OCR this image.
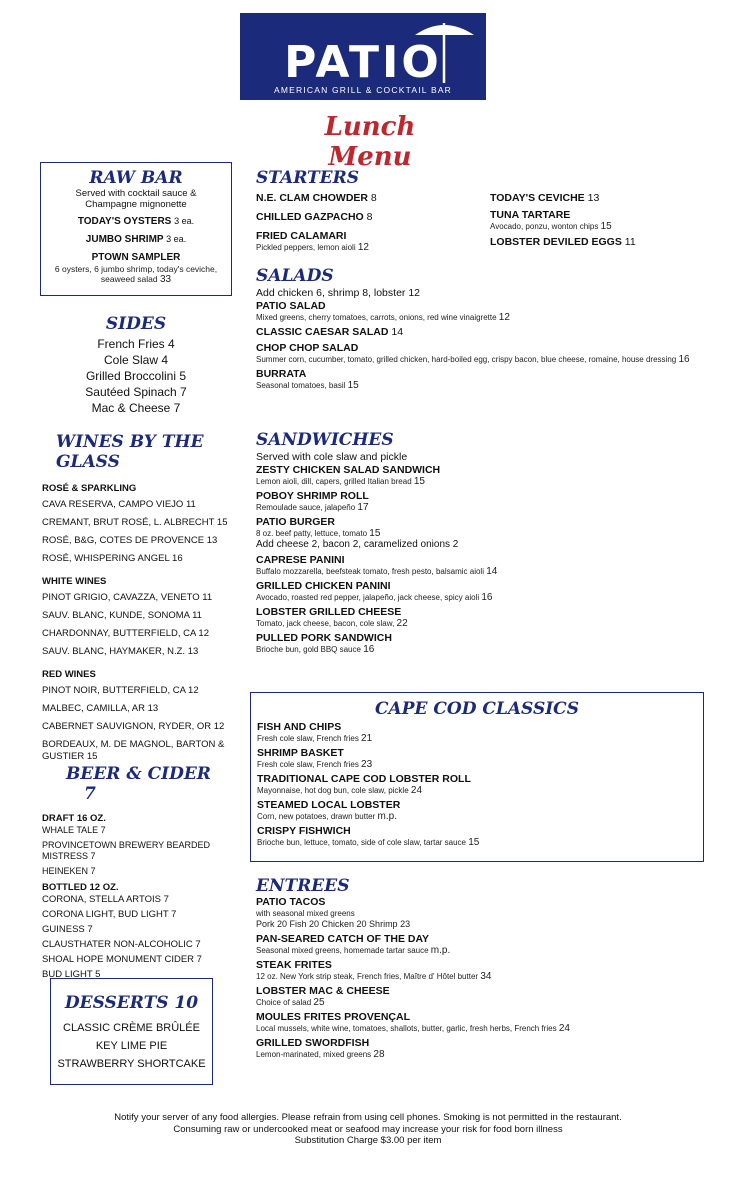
PATIO
AMERICAN GRILL & COCKTAIL BAR
Lunch Menu
RAW BAR
Served with cocktail sauce & Champagne mignonette
TODAY'S OYSTERS 3 ea.
JUMBO SHRIMP 3 ea.
PTOWN SAMPLER
6 oysters, 6 jumbo shrimp, today's ceviche, seaweed salad 33
SIDES
French Fries 4
Cole Slaw 4
Grilled Broccolini 5
Sautéed Spinach 7
Mac & Cheese 7
WINES BY THE GLASS
ROSÉ & SPARKLING
CAVA RESERVA, CAMPO VIEJO 11
CREMANT, BRUT ROSÉ, L. ALBRECHT 15
ROSÉ, B&G, COTES DE PROVENCE 13
ROSÉ, WHISPERING ANGEL 16
WHITE WINES
PINOT GRIGIO, CAVAZZA, VENETO 11
SAUV. BLANC, KUNDE, SONOMA 11
CHARDONNAY, BUTTERFIELD, CA 12
SAUV. BLANC, HAYMAKER, N.Z. 13
RED WINES
PINOT NOIR, BUTTERFIELD, CA 12
MALBEC, CAMILLA, AR 13
CABERNET SAUVIGNON, RYDER, OR 12
BORDEAUX, M. DE MAGNOL, BARTON & GUSTIER 15
BEER & CIDER 7
DRAFT 16 OZ.
WHALE TALE 7
PROVINCETOWN BREWERY BEARDED MISTRESS 7
HEINEKEN 7
BOTTLED 12 OZ.
CORONA, STELLA ARTOIS 7
CORONA LIGHT, BUD LIGHT 7
GUINESS 7
CLAUSTHATER NON-ALCOHOLIC 7
SHOAL HOPE MONUMENT CIDER 7
BUD LIGHT 5
DESSERTS 10
CLASSIC CRÈME BRÛLÉE
KEY LIME PIE
STRAWBERRY SHORTCAKE
STARTERS
N.E. CLAM CHOWDER 8
CHILLED GAZPACHO 8
FRIED CALAMARI
Pickled peppers, lemon aioli 12
TODAY'S CEVICHE 13
TUNA TARTARE
Avocado, ponzu, wonton chips 15
LOBSTER DEVILED EGGS 11
SALADS
Add chicken 6, shrimp 8, lobster 12
PATIO SALAD
Mixed greens, cherry tomatoes, carrots, onions, red wine vinaigrette 12
CLASSIC CAESAR SALAD 14
CHOP CHOP SALAD
Summer corn, cucumber, tomato, grilled chicken, hard-boiled egg, crispy bacon, blue cheese, romaine, house dressing 16
BURRATA
Seasonal tomatoes, basil 15
SANDWICHES
Served with cole slaw and pickle
ZESTY CHICKEN SALAD SANDWICH
Lemon aioli, dill, capers, grilled Italian bread 15
POBOY SHRIMP ROLL
Remoulade sauce, jalapeño 17
PATIO BURGER
8 oz. beef patty, lettuce, tomato 15
Add cheese 2, bacon 2, caramelized onions 2
CAPRESE PANINI
Buffalo mozzarella, beefsteak tomato, fresh pesto, balsamic aioli 14
GRILLED CHICKEN PANINI
Avocado, roasted red pepper, jalapeño, jack cheese, spicy aioli 16
LOBSTER GRILLED CHEESE
Tomato, jack cheese, bacon, cole slaw, 22
PULLED PORK SANDWICH
Brioche bun, gold BBQ sauce 16
CAPE COD CLASSICS
FISH AND CHIPS
Fresh cole slaw, French fries 21
SHRIMP BASKET
Fresh cole slaw, French fries 23
TRADITIONAL CAPE COD LOBSTER ROLL
Mayonnaise, hot dog bun, cole slaw, pickle 24
STEAMED LOCAL LOBSTER
Corn, new potatoes, drawn butter m.p.
CRISPY FISHWICH
Brioche bun, lettuce, tomato, side of cole slaw, tartar sauce 15
ENTREES
PATIO TACOS
with seasonal mixed greens
Pork 20 Fish 20 Chicken 20 Shrimp 23
PAN-SEARED CATCH OF THE DAY
Seasonal mixed greens, homemade tartar sauce m.p.
STEAK FRITES
12 oz. New York strip steak, French fries, Maître d' Hôtel butter 34
LOBSTER MAC & CHEESE
Choice of salad 25
MOULES FRITES PROVENÇAL
Local mussels, white wine, tomatoes, shallots, butter, garlic, fresh herbs, French fries 24
GRILLED SWORDFISH
Lemon-marinated, mixed greens 28
Notify your server of any food allergies. Please refrain from using cell phones. Smoking is not permitted in the restaurant.
Consuming raw or undercooked meat or seafood may increase your risk for food born illness
Substitution Charge $3.00 per item
